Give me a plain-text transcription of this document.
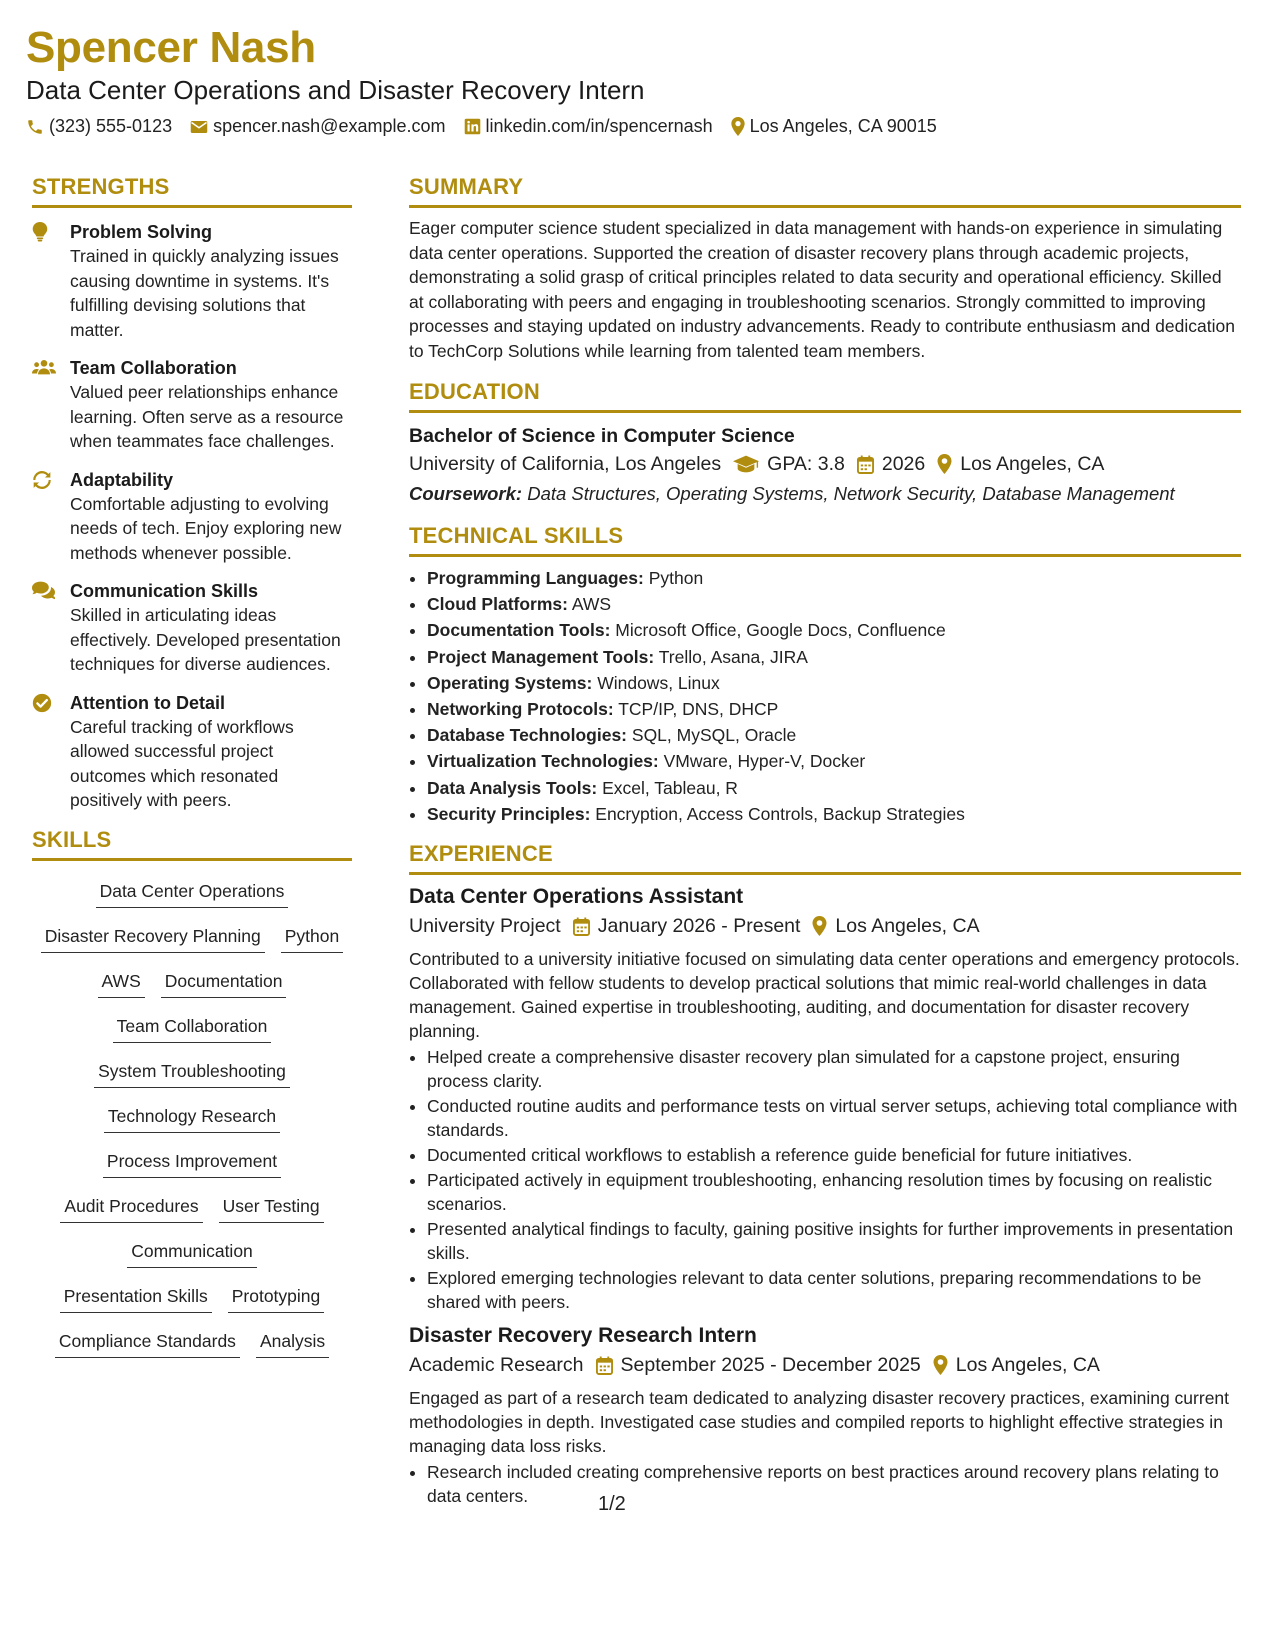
Spencer Nash
Data Center Operations and Disaster Recovery Intern
(323) 555-0123 spencer.nash@example.com linkedin.com/in/spencernash Los Angeles, CA 90015
STRENGTHS
Problem Solving
Trained in quickly analyzing issues causing downtime in systems. It's fulfilling devising solutions that matter.
Team Collaboration
Valued peer relationships enhance learning. Often serve as a resource when teammates face challenges.
Adaptability
Comfortable adjusting to evolving needs of tech. Enjoy exploring new methods whenever possible.
Communication Skills
Skilled in articulating ideas effectively. Developed presentation techniques for diverse audiences.
Attention to Detail
Careful tracking of workflows allowed successful project outcomes which resonated positively with peers.
SKILLS
Data Center Operations
Disaster Recovery Planning Python
AWS Documentation
Team Collaboration
System Troubleshooting
Technology Research
Process Improvement
Audit Procedures User Testing
Communication
Presentation Skills Prototyping
Compliance Standards Analysis
SUMMARY
Eager computer science student specialized in data management with hands-on experience in simulating data center operations. Supported the creation of disaster recovery plans through academic projects, demonstrating a solid grasp of critical principles related to data security and operational efficiency. Skilled at collaborating with peers and engaging in troubleshooting scenarios. Strongly committed to improving processes and staying updated on industry advancements. Ready to contribute enthusiasm and dedication to TechCorp Solutions while learning from talented team members.
EDUCATION
Bachelor of Science in Computer Science
University of California, Los Angeles GPA: 3.8 2026 Los Angeles, CA
Coursework: Data Structures, Operating Systems, Network Security, Database Management
TECHNICAL SKILLS
• Programming Languages: Python
• Cloud Platforms: AWS
• Documentation Tools: Microsoft Office, Google Docs, Confluence
• Project Management Tools: Trello, Asana, JIRA
• Operating Systems: Windows, Linux
• Networking Protocols: TCP/IP, DNS, DHCP
• Database Technologies: SQL, MySQL, Oracle
• Virtualization Technologies: VMware, Hyper-V, Docker
• Data Analysis Tools: Excel, Tableau, R
• Security Principles: Encryption, Access Controls, Backup Strategies
EXPERIENCE
Data Center Operations Assistant
University Project January 2026 - Present Los Angeles, CA
Contributed to a university initiative focused on simulating data center operations and emergency protocols. Collaborated with fellow students to develop practical solutions that mimic real-world challenges in data management. Gained expertise in troubleshooting, auditing, and documentation for disaster recovery planning.
• Helped create a comprehensive disaster recovery plan simulated for a capstone project, ensuring process clarity.
• Conducted routine audits and performance tests on virtual server setups, achieving total compliance with standards.
• Documented critical workflows to establish a reference guide beneficial for future initiatives.
• Participated actively in equipment troubleshooting, enhancing resolution times by focusing on realistic scenarios.
• Presented analytical findings to faculty, gaining positive insights for further improvements in presentation skills.
• Explored emerging technologies relevant to data center solutions, preparing recommendations to be shared with peers.
Disaster Recovery Research Intern
Academic Research September 2025 - December 2025 Los Angeles, CA
Engaged as part of a research team dedicated to analyzing disaster recovery practices, examining current methodologies in depth. Investigated case studies and compiled reports to highlight effective strategies in managing data loss risks.
• Research included creating comprehensive reports on best practices around recovery plans relating to data centers.	1/2
